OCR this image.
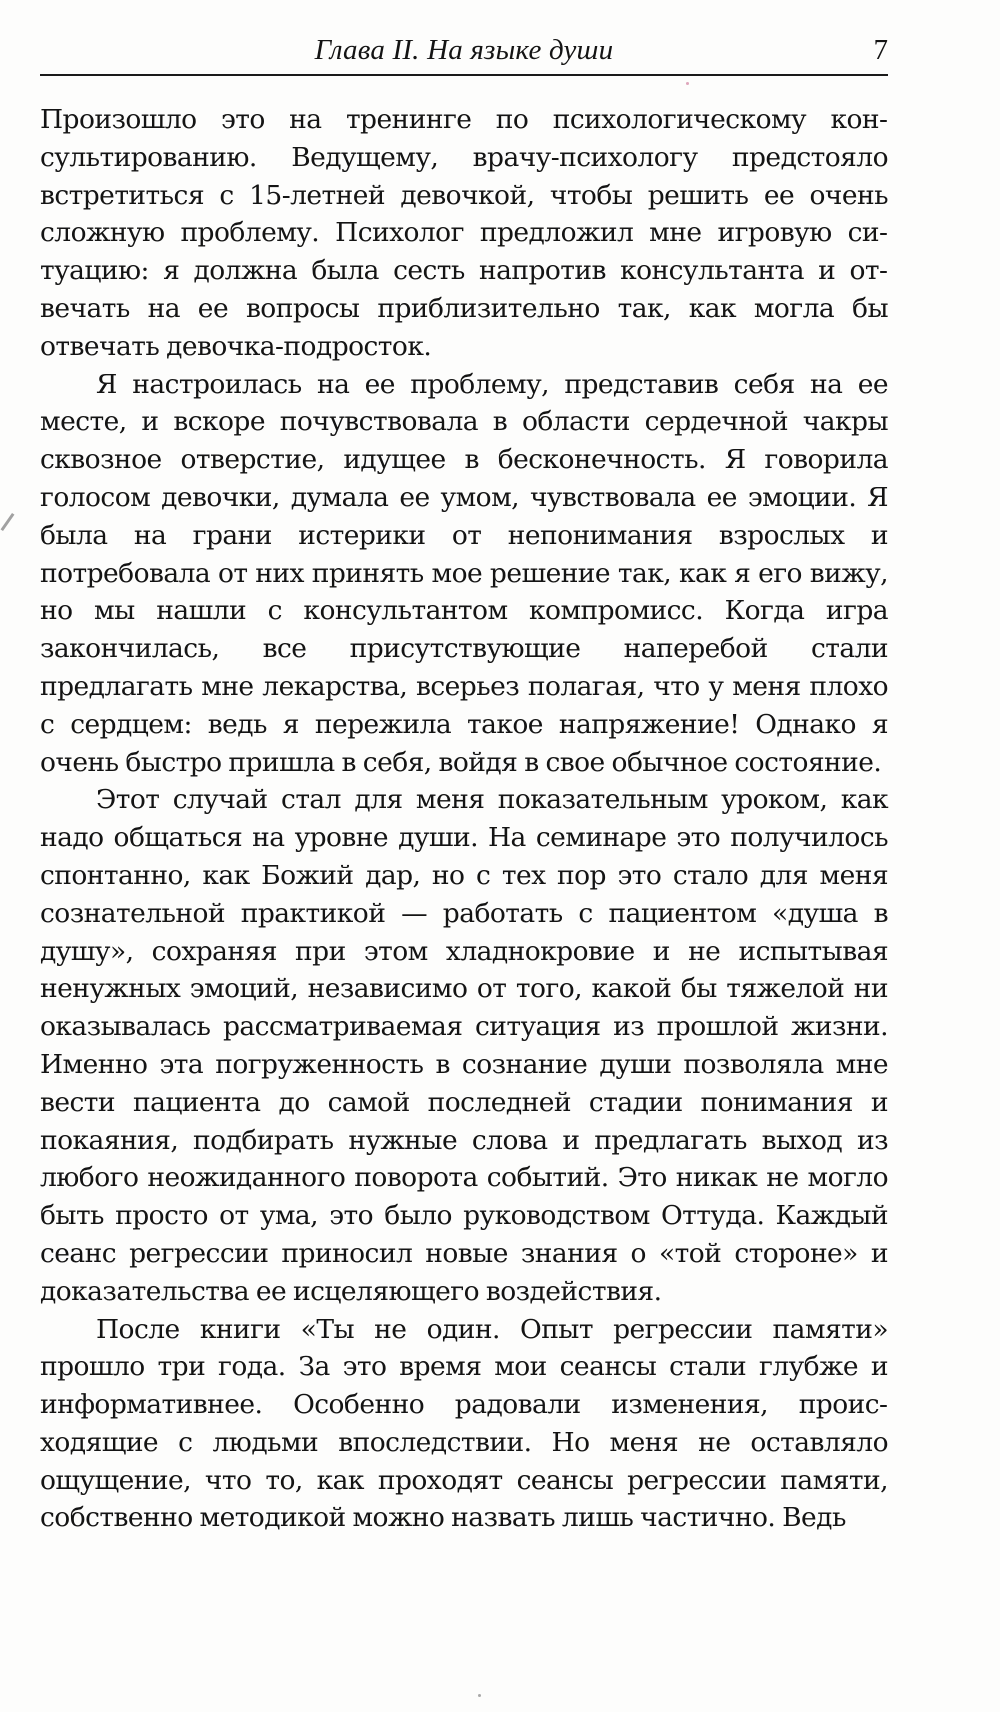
Глава II. На языке души	7

Произошло это на тренинге по психологическому консультированию. Ведущему, врачу-психологу предстояло встретиться с 15-летней девочкой, чтобы решить ее очень сложную проблему. Психолог предложил мне игровую ситуацию: я должна была сесть напротив консультанта и отвечать на ее вопросы приблизительно так, как могла бы отвечать девочка-подросток.

Я настроилась на ее проблему, представив себя на ее месте, и вскоре почувствовала в области сердечной чакры сквозное отверстие, идущее в бесконечность. Я говорила голосом девочки, думала ее умом, чувствовала ее эмоции. Я была на грани истерики от непонимания взрослых и потребовала от них принять мое решение так, как я его вижу, но мы нашли с консультантом компромисс. Когда игра закончилась, все присутствующие наперебой стали предлагать мне лекарства, всерьез полагая, что у меня плохо с сердцем: ведь я пережила такое напряжение! Однако я очень быстро пришла в себя, войдя в свое обычное состояние.

Этот случай стал для меня показательным уроком, как надо общаться на уровне души. На семинаре это получилось спонтанно, как Божий дар, но с тех пор это стало для меня сознательной практикой — работать с пациентом «душа в душу», сохраняя при этом хладнокровие и не испытывая ненужных эмоций, независимо от того, какой бы тяжелой ни оказывалась рассматриваемая ситуация из прошлой жизни. Именно эта погруженность в сознание души позволяла мне вести пациента до самой последней стадии понимания и покаяния, подбирать нужные слова и предлагать выход из любого неожиданного поворота событий. Это никак не могло быть просто от ума, это было руководством Оттуда. Каждый сеанс регрессии приносил новые знания о «той стороне» и доказательства ее исцеляющего воздействия.

После книги «Ты не один. Опыт регрессии памяти» прошло три года. За это время мои сеансы стали глубже и информативнее. Особенно радовали изменения, происходящие с людьми впоследствии. Но меня не оставляло ощущение, что то, как проходят сеансы регрессии памяти, собственно методикой можно назвать лишь частично. Ведь
